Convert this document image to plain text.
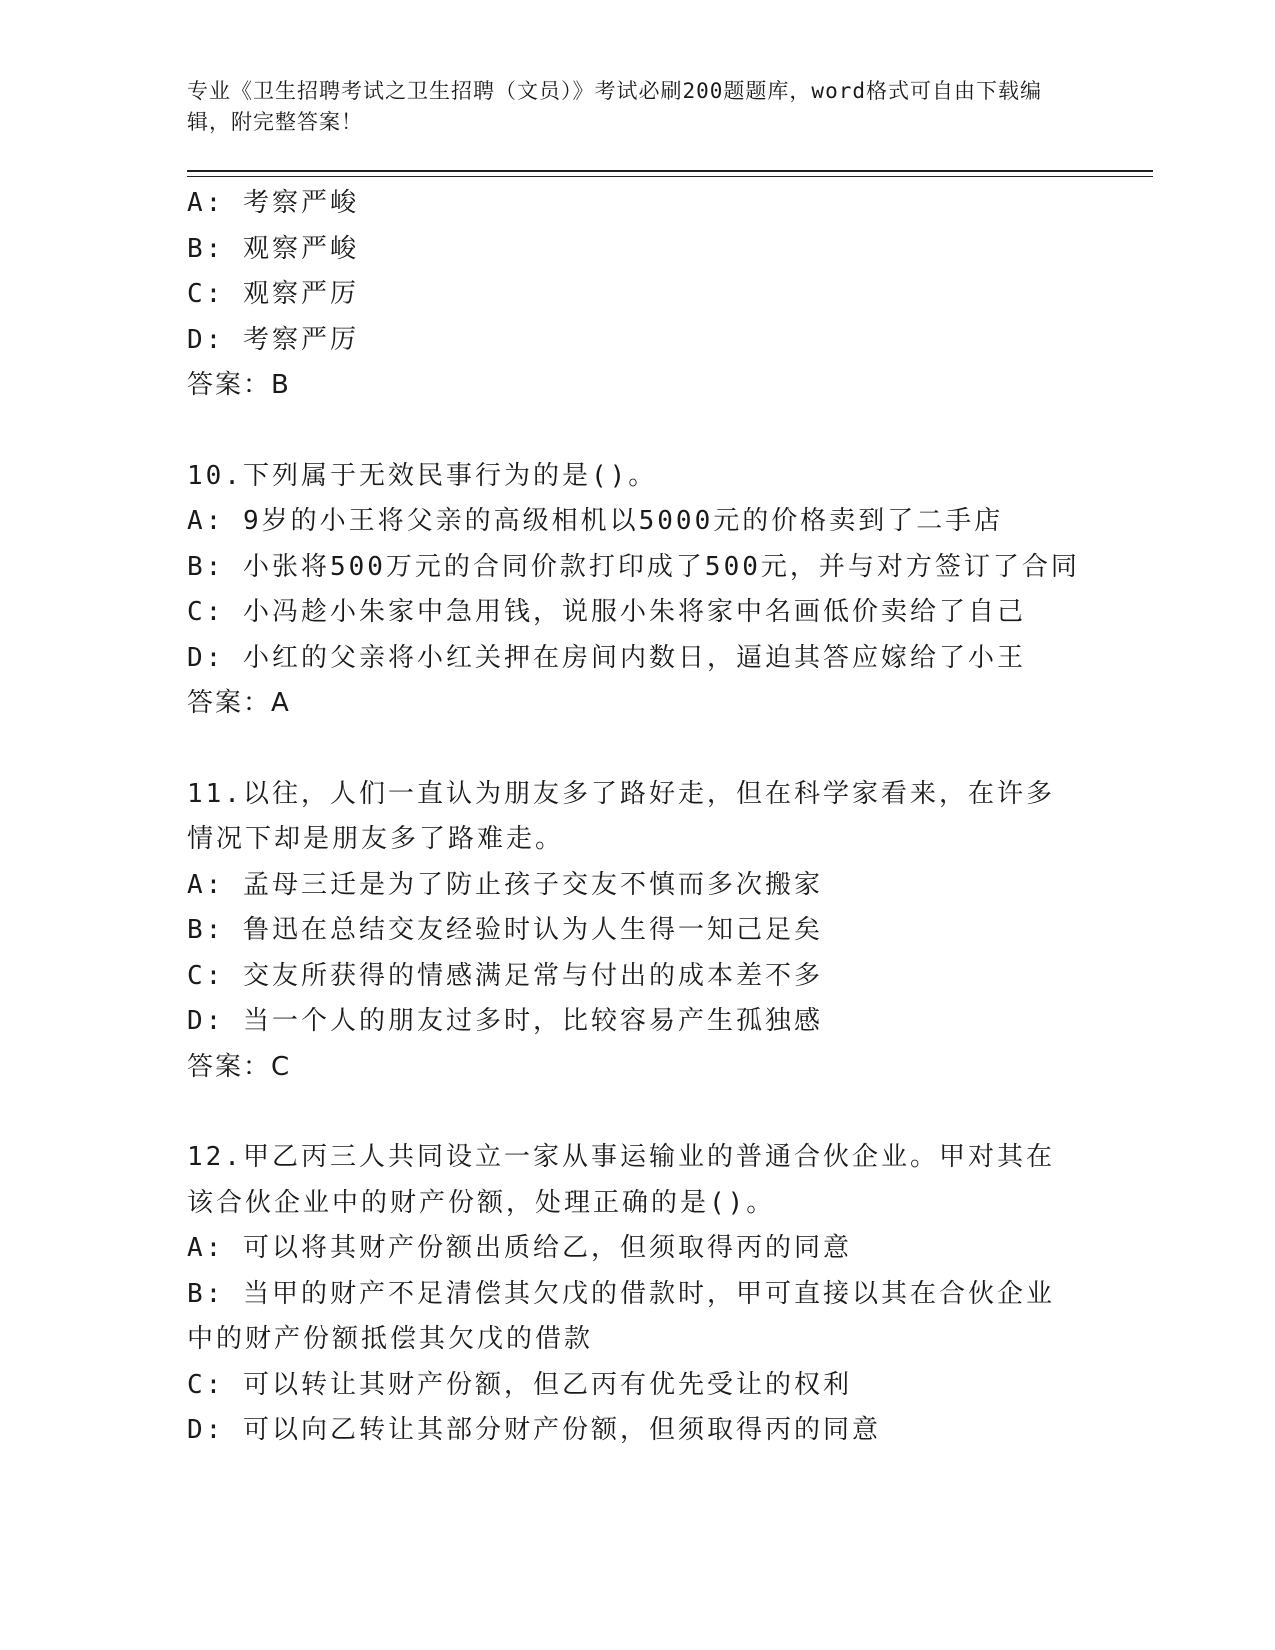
专业《卫生招聘考试之卫生招聘（文员）》考试必刷200题题库，word格式可自由下载编辑，附完整答案！
A: 考察严峻
B: 观察严峻
C: 观察严厉
D: 考察严厉
答案：B
10.下列属于无效民事行为的是()。
A: 9岁的小王将父亲的高级相机以5000元的价格卖到了二手店
B: 小张将500万元的合同价款打印成了500元，并与对方签订了合同
C: 小冯趁小朱家中急用钱，说服小朱将家中名画低价卖给了自己
D: 小红的父亲将小红关押在房间内数日，逼迫其答应嫁给了小王
答案：A
11.以往，人们一直认为朋友多了路好走，但在科学家看来，在许多情况下却是朋友多了路难走。
A: 孟母三迁是为了防止孩子交友不慎而多次搬家
B: 鲁迅在总结交友经验时认为人生得一知己足矣
C: 交友所获得的情感满足常与付出的成本差不多
D: 当一个人的朋友过多时，比较容易产生孤独感
答案：C
12.甲乙丙三人共同设立一家从事运输业的普通合伙企业。甲对其在该合伙企业中的财产份额，处理正确的是()。
A: 可以将其财产份额出质给乙，但须取得丙的同意
B: 当甲的财产不足清偿其欠戊的借款时，甲可直接以其在合伙企业中的财产份额抵偿其欠戊的借款
C: 可以转让其财产份额，但乙丙有优先受让的权利
D: 可以向乙转让其部分财产份额，但须取得丙的同意
